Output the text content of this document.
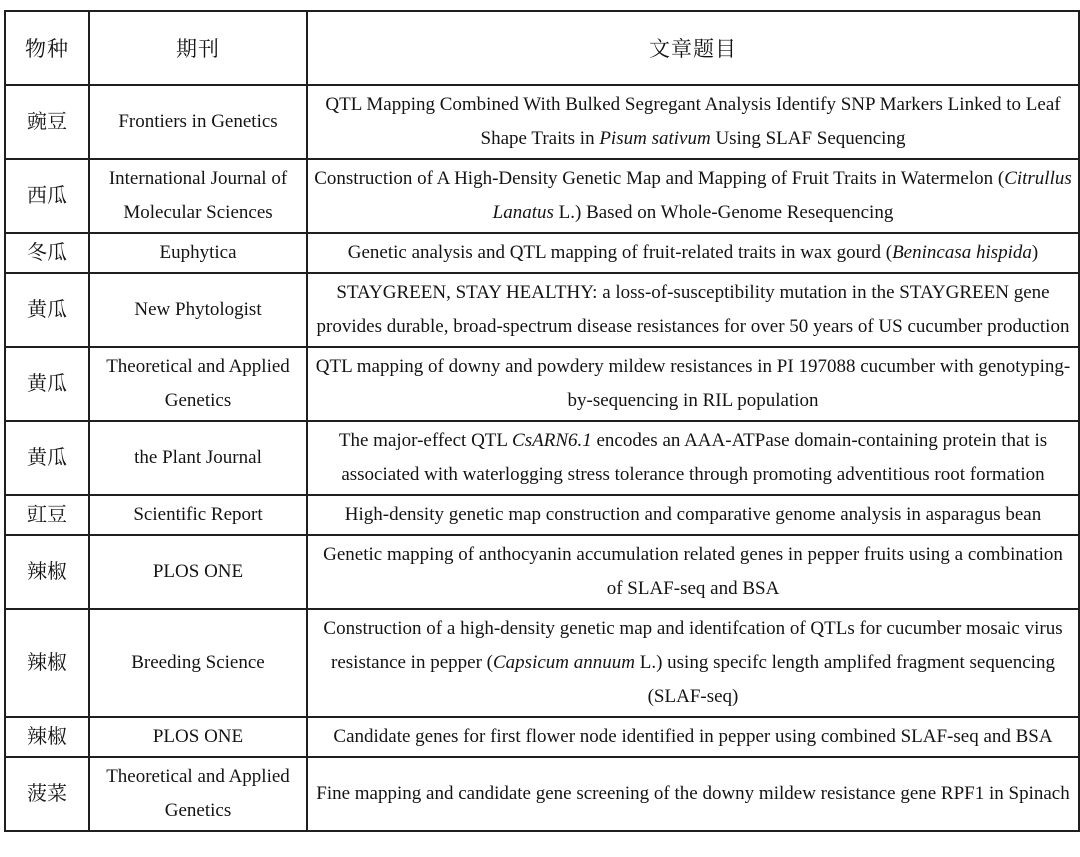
物种	期刊	文章题目
豌豆	Frontiers in Genetics	QTL Mapping Combined With Bulked Segregant Analysis Identify SNP Markers Linked to Leaf Shape Traits in Pisum sativum Using SLAF Sequencing
西瓜	International Journal of Molecular Sciences	Construction of A High-Density Genetic Map and Mapping of Fruit Traits in Watermelon (Citrullus Lanatus L.) Based on Whole-Genome Resequencing
冬瓜	Euphytica	Genetic analysis and QTL mapping of fruit-related traits in wax gourd (Benincasa hispida)
黄瓜	New Phytologist	STAYGREEN, STAY HEALTHY: a loss-of-susceptibility mutation in the STAYGREEN gene provides durable, broad-spectrum disease resistances for over 50 years of US cucumber production
黄瓜	Theoretical and Applied Genetics	QTL mapping of downy and powdery mildew resistances in PI 197088 cucumber with genotyping-by-sequencing in RIL population
黄瓜	the Plant Journal	The major-effect QTL CsARN6.1 encodes an AAA-ATPase domain-containing protein that is associated with waterlogging stress tolerance through promoting adventitious root formation
豇豆	Scientific Report	High-density genetic map construction and comparative genome analysis in asparagus bean
辣椒	PLOS ONE	Genetic mapping of anthocyanin accumulation related genes in pepper fruits using a combination of SLAF-seq and BSA
辣椒	Breeding Science	Construction of a high-density genetic map and identifcation of QTLs for cucumber mosaic virus resistance in pepper (Capsicum annuum L.) using specifc length amplifed fragment sequencing (SLAF-seq)
辣椒	PLOS ONE	Candidate genes for first flower node identified in pepper using combined SLAF-seq and BSA
菠菜	Theoretical and Applied Genetics	Fine mapping and candidate gene screening of the downy mildew resistance gene RPF1 in Spinach
